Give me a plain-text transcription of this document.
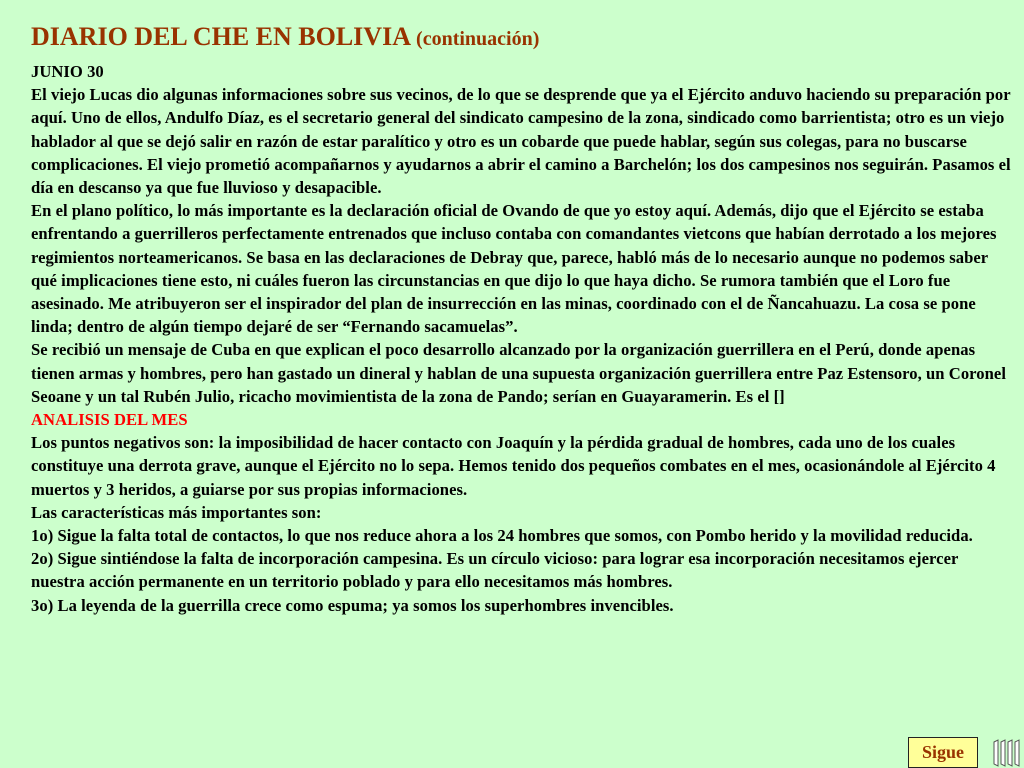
DIARIO DEL CHE EN BOLIVIA (continuación)

JUNIO 30

El viejo Lucas dio algunas informaciones sobre sus vecinos, de lo que se desprende que ya el Ejército anduvo haciendo su preparación por aquí. Uno de ellos, Andulfo Díaz, es el secretario general del sindicato campesino de la zona, sindicado como barrientista; otro es un viejo hablador al que se dejó salir en razón de estar paralítico y otro es un cobarde que puede hablar, según sus colegas, para no buscarse complicaciones. El viejo prometió acompañarnos y ayudarnos a abrir el camino a Barchelón; los dos campesinos nos seguirán. Pasamos el día en descanso ya que fue lluvioso y desapacible.

En el plano político, lo más importante es la declaración oficial de Ovando de que yo estoy aquí. Además, dijo que el Ejército se estaba enfrentando a guerrilleros perfectamente entrenados que incluso contaba con comandantes vietcons que habían derrotado a los mejores regimientos norteamericanos. Se basa en las declaraciones de Debray que, parece, habló más de lo necesario aunque no podemos saber qué implicaciones tiene esto, ni cuáles fueron las circunstancias en que dijo lo que haya dicho. Se rumora también que el Loro fue asesinado. Me atribuyeron ser el inspirador del plan de insurrección en las minas, coordinado con el de Ñancahuazu. La cosa se pone linda; dentro de algún tiempo dejaré de ser “Fernando sacamuelas”.

Se recibió un mensaje de Cuba en que explican el poco desarrollo alcanzado por la organización guerrillera en el Perú, donde apenas tienen armas y hombres, pero han gastado un dineral y hablan de una supuesta organización guerrillera entre Paz Estensoro, un Coronel Seoane y un tal Rubén Julio, ricacho movimientista de la zona de Pando; serían en Guayaramerin. Es el []

ANALISIS DEL MES

Los puntos negativos son: la imposibilidad de hacer contacto con Joaquín y la pérdida gradual de hombres, cada uno de los cuales constituye una derrota grave, aunque el Ejército no lo sepa. Hemos tenido dos pequeños combates en el mes, ocasionándole al Ejército 4 muertos y 3 heridos, a guiarse por sus propias informaciones.

Las características más importantes son:

1o) Sigue la falta total de contactos, lo que nos reduce ahora a los 24 hombres que somos, con Pombo herido y la movilidad reducida.

2o) Sigue sintiéndose la falta de incorporación campesina. Es un círculo vicioso: para lograr esa incorporación necesitamos ejercer nuestra acción permanente en un territorio poblado y para ello necesitamos más hombres.

3o) La leyenda de la guerrilla crece como espuma; ya somos los superhombres invencibles.

Sigue
